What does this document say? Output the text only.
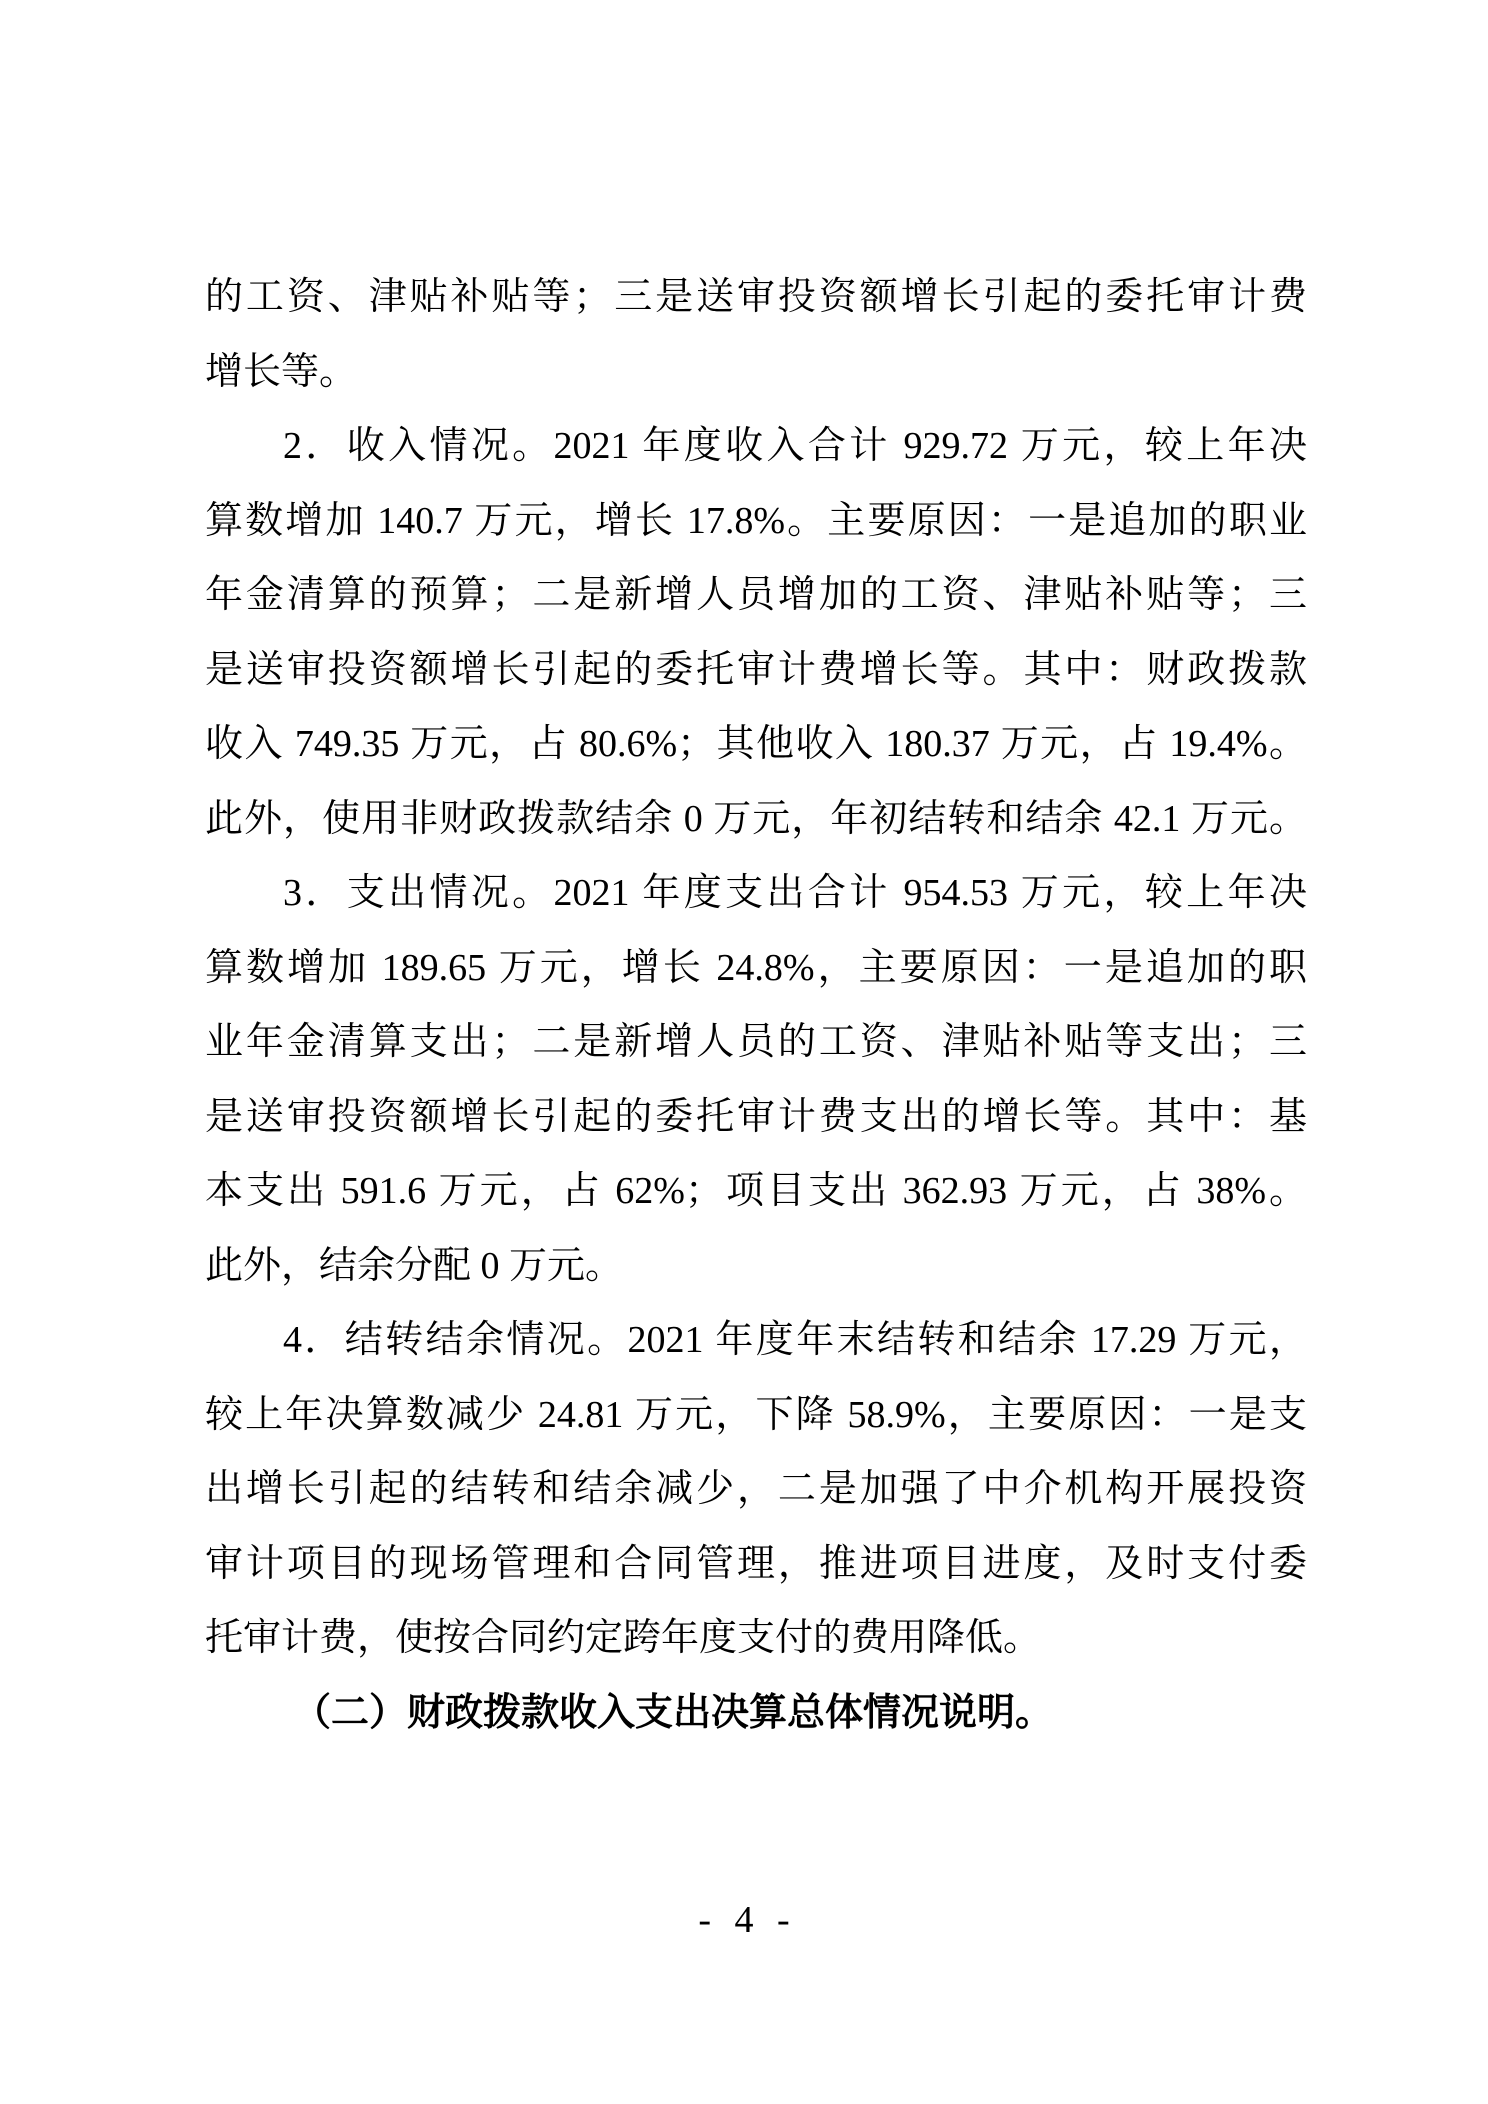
的工资、津贴补贴等；三是送审投资额增长引起的委托审计费
增长等。
2．收入情况。2021 年度收入合计 929.72 万元，较上年决
算数增加 140.7 万元，增长 17.8%。主要原因：一是追加的职业
年金清算的预算；二是新增人员增加的工资、津贴补贴等；三
是送审投资额增长引起的委托审计费增长等。其中：财政拨款
收入 749.35 万元，占 80.6%；其他收入 180.37 万元，占 19.4%。
此外，使用非财政拨款结余 0 万元，年初结转和结余 42.1 万元。
3．支出情况。2021 年度支出合计 954.53 万元，较上年决
算数增加 189.65 万元，增长 24.8%，主要原因：一是追加的职
业年金清算支出；二是新增人员的工资、津贴补贴等支出；三
是送审投资额增长引起的委托审计费支出的增长等。其中：基
本支出 591.6 万元，占 62%；项目支出 362.93 万元，占 38%。
此外，结余分配 0 万元。
4．结转结余情况。2021 年度年末结转和结余 17.29 万元，
较上年决算数减少 24.81 万元，下降 58.9%，主要原因：一是支
出增长引起的结转和结余减少，二是加强了中介机构开展投资
审计项目的现场管理和合同管理，推进项目进度，及时支付委
托审计费，使按合同约定跨年度支付的费用降低。
（二）财政拨款收入支出决算总体情况说明。
- 4 -
